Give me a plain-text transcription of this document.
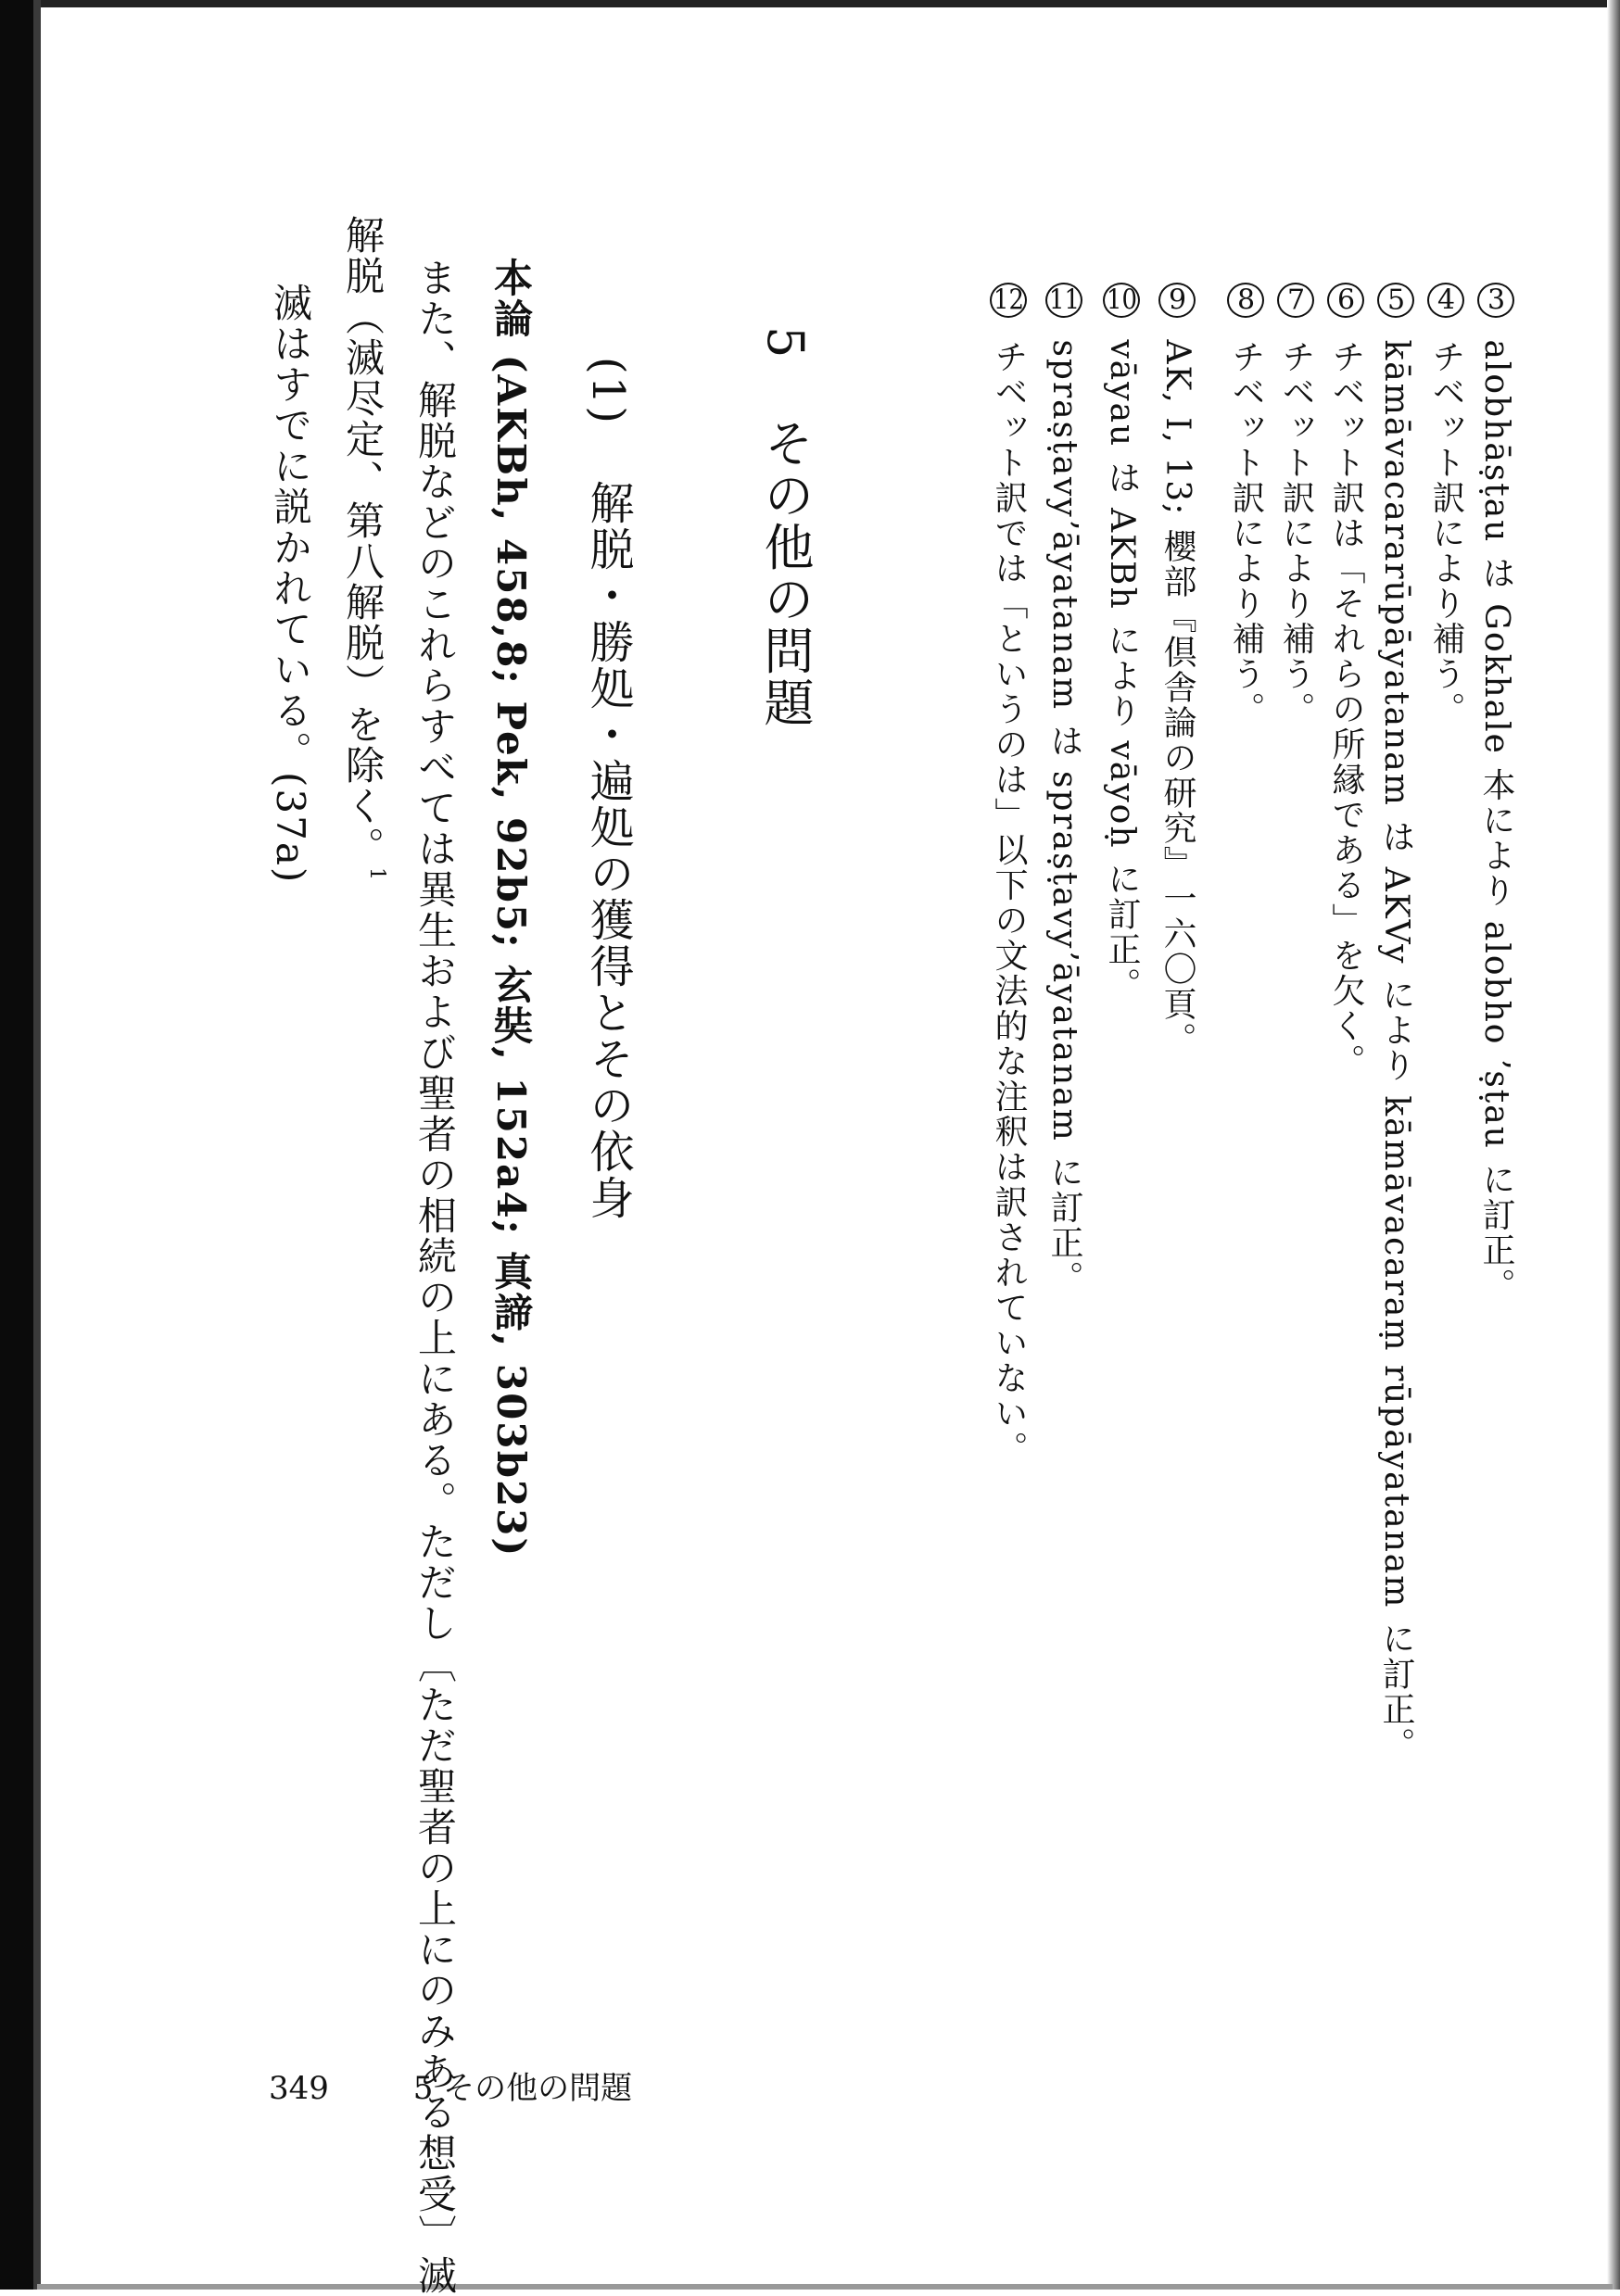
3 alobhāṣṭau は Gokhale 本により alobho ʼṣṭau に訂正。
4 チベット訳により補う。
5 kāmāvacararūpāyatanam は AKVy により kāmāvacaraṃ rūpāyatanam に訂正。
6 チベット訳は「それらの所縁である」を欠く。
7 チベット訳により補う。
8 チベット訳により補う。
9 AK, I, 13; 櫻部『倶舎論の研究』一六〇頁。
10 vāyau は AKBh により vāyoḥ に訂正。
11 spraṣṭavyʼāyatanam は spraṣṭavyʼāyatanam に訂正。
12 チベット訳では「というのは」以下の文法的な注釈は訳されていない。
5  その他の問題
(1)  解脱・勝処・遍処の獲得とその依身
本論 (AKBh, 458,8; Pek, 92b5; 玄奘, 152a4; 真諦, 303b23)
また、解脱などのこれらすべては異生および聖者の相続の上にある。ただし〔ただ聖者の上にのみある想受〕滅
解脱（滅尽定、第八解脱）を除く。$^1$
滅はすでに説かれている。(37a)
349	5 その他の問題
